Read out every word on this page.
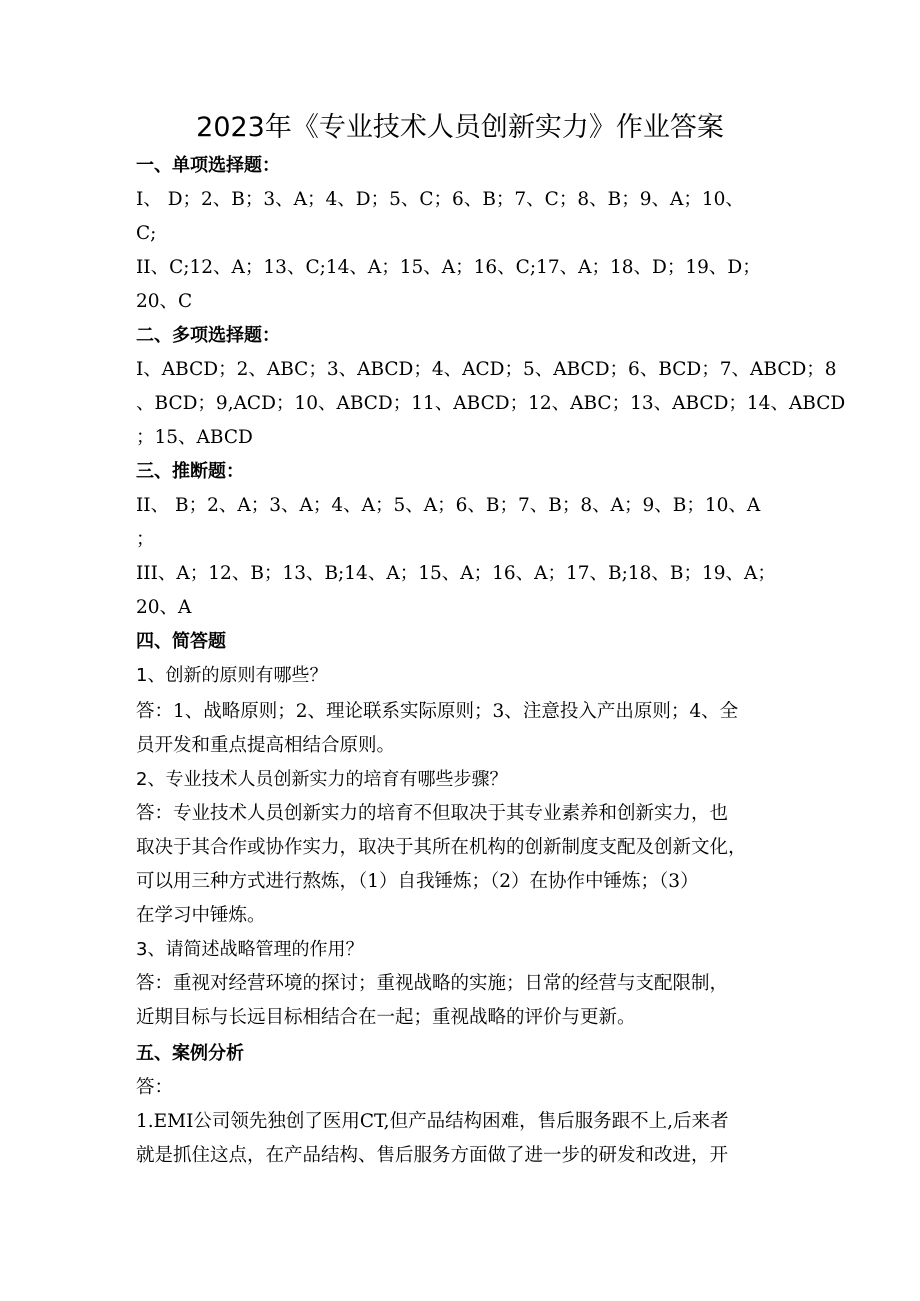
2023年《专业技术人员创新实力》作业答案
一、单项选择题：
I、 D；2、B；3、A；4、D；5、C；6、B；7、C；8、B；9、A；10、
C;
II、C;12、A；13、C;14、A；15、A；16、C;17、A；18、D；19、D；
20、C
二、多项选择题：
I、ABCD；2、ABC；3、ABCD；4、ACD；5、ABCD；6、BCD；7、ABCD；8
、BCD；9,ACD；10、ABCD；11、ABCD；12、ABC；13、ABCD；14、ABCD
；15、ABCD
三、推断题：
II、 B；2、A；3、A；4、A；5、A；6、B；7、B；8、A；9、B；10、A
；
III、A；12、B；13、B;14、A；15、A；16、A；17、B;18、B；19、A；
20、A
四、简答题
1、创新的原则有哪些？
答：1、战略原则；2、理论联系实际原则；3、注意投入产出原则；4、全
员开发和重点提高相结合原则。
2、专业技术人员创新实力的培育有哪些步骤？
答：专业技术人员创新实力的培育不但取决于其专业素养和创新实力，也
取决于其合作或协作实力，取决于其所在机构的创新制度支配及创新文化，
可以用三种方式进行熬炼，（1）自我锤炼；（2）在协作中锤炼；（3）
在学习中锤炼。
3、请简述战略管理的作用？
答：重视对经营环境的探讨；重视战略的实施；日常的经营与支配限制，
近期目标与长远目标相结合在一起；重视战略的评价与更新。
五、案例分析
答：
1.EMI公司领先独创了医用CT,但产品结构困难，售后服务跟不上,后来者
就是抓住这点，在产品结构、售后服务方面做了进一步的研发和改进，开
